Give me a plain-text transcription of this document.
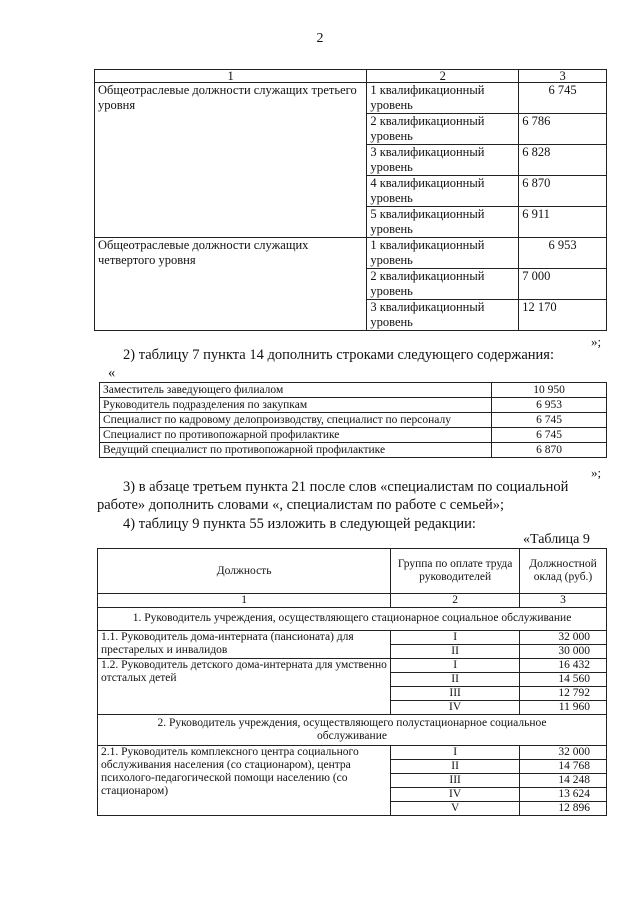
2
1	2	3
Общеотраслевые должности служащих третьего уровня	1 квалификационный уровень	6 745
	2 квалификационный уровень	6 786
	3 квалификационный уровень	6 828
	4 квалификационный уровень	6 870
	5 квалификационный уровень	6 911
Общеотраслевые должности служащих четвертого уровня	1 квалификационный уровень	6 953
	2 квалификационный уровень	7 000
	3 квалификационный уровень	12 170
»;
2) таблицу 7 пункта 14 дополнить строками следующего содержания:
«
Заместитель заведующего филиалом	10 950
Руководитель подразделения по закупкам	6 953
Специалист по кадровому делопроизводству, специалист по персоналу	6 745
Специалист по противопожарной профилактике	6 745
Ведущий специалист по противопожарной профилактике	6 870
»;
3) в абзаце третьем пункта 21 после слов «специалистам по социальной
работе» дополнить словами «, специалистам по работе с семьей»;
4) таблицу 9 пункта 55 изложить в следующей редакции:
«Таблица 9
Должность	Группа по оплате труда руководителей	Должностной оклад (руб.)
1	2	3
1. Руководитель учреждения, осуществляющего стационарное социальное обслуживание		
1.1. Руководитель дома-интерната (пансионата) для престарелых и инвалидов	I	32 000
	II	30 000
1.2. Руководитель детского дома-интерната для умственно отсталых детей	I	16 432
	II	14 560
	III	12 792
	IV	11 960
2. Руководитель учреждения, осуществляющего полустационарное социальное обслуживание		
2.1. Руководитель комплексного центра социального обслуживания населения (со стационаром), центра психолого-педагогической помощи населению (со стационаром)	I	32 000
	II	14 768
	III	14 248
	IV	13 624
	V	12 896
